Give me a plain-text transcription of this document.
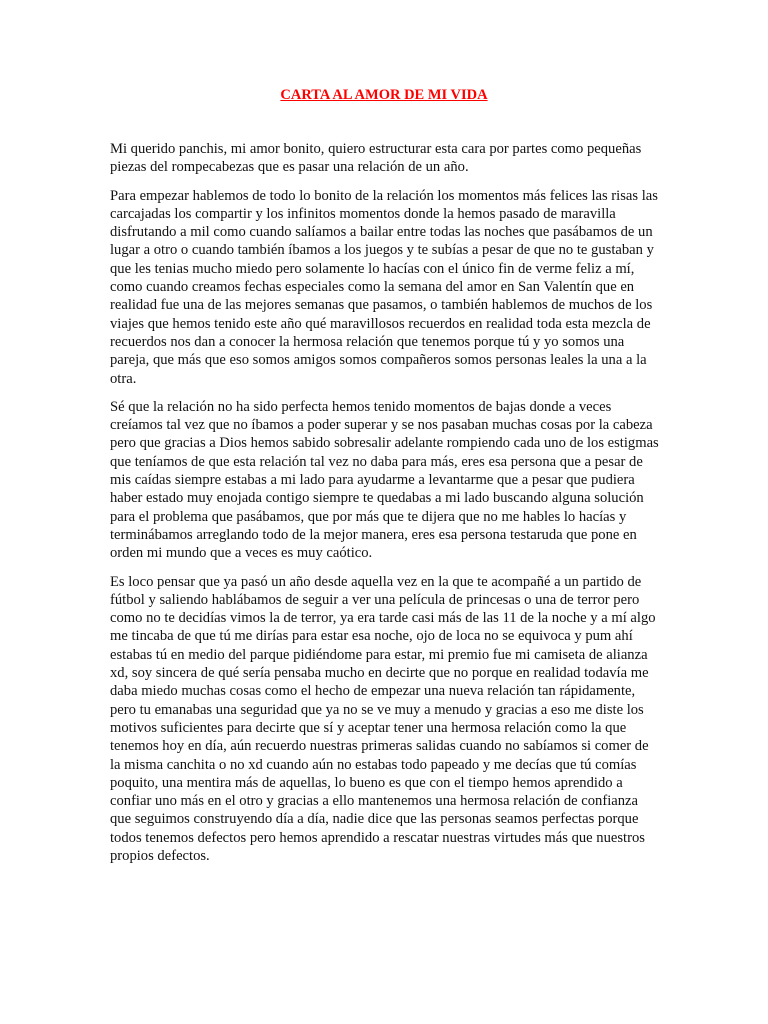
CARTA AL AMOR DE MI VIDA

Mi querido panchis, mi amor bonito, quiero estructurar esta cara por partes como pequeñas piezas del rompecabezas que es pasar una relación de un año.

Para empezar hablemos de todo lo bonito de la relación los momentos más felices las risas las carcajadas los compartir y los infinitos momentos donde la hemos pasado de maravilla disfrutando a mil como cuando salíamos a bailar entre todas las noches que pasábamos de un lugar a otro o cuando también íbamos a los juegos y te subías a pesar de que no te gustaban y que les tenias mucho miedo pero solamente lo hacías con el único fin de verme feliz a mí, como cuando creamos fechas especiales como la semana del amor en San Valentín que en realidad fue una de las mejores semanas que pasamos, o también hablemos de muchos de los viajes que hemos tenido este año qué maravillosos recuerdos en realidad toda esta mezcla de recuerdos nos dan a conocer la hermosa relación que tenemos porque tú y yo somos una pareja, que más que eso somos amigos somos compañeros somos personas leales la una a la otra.

Sé que la relación no ha sido perfecta hemos tenido momentos de bajas donde a veces creíamos tal vez que no íbamos a poder superar y se nos pasaban muchas cosas por la cabeza pero que gracias a Dios hemos sabido sobresalir adelante rompiendo cada uno de los estigmas que teníamos de que esta relación tal vez no daba para más, eres esa persona que a pesar de mis caídas siempre estabas a mi lado para ayudarme a levantarme que a pesar que pudiera haber estado muy enojada contigo siempre te quedabas a mi lado buscando alguna solución para el problema que pasábamos, que por más que te dijera que no me hables lo hacías y terminábamos arreglando todo de la mejor manera, eres esa persona testaruda que pone en orden mi mundo que a veces es muy caótico.

Es loco pensar que ya pasó un año desde aquella vez en la que te acompañé a un partido de fútbol y saliendo hablábamos de seguir a ver una película de princesas o una de terror pero como no te decidías vimos la de terror, ya era tarde casi más de las 11 de la noche y a mí algo me tincaba de que tú me dirías para estar esa noche, ojo de loca no se equivoca y pum ahí estabas tú en medio del parque pidiéndome para estar, mi premio fue mi camiseta de alianza xd, soy sincera de qué sería pensaba mucho en decirte que no porque en realidad todavía me daba miedo muchas cosas como el hecho de empezar una nueva relación tan rápidamente, pero tu emanabas una seguridad que ya no se ve muy a menudo y gracias a eso me diste los motivos suficientes para decirte que sí y aceptar tener una hermosa relación como la que tenemos hoy en día, aún recuerdo nuestras primeras salidas cuando no sabíamos si comer de la misma canchita o no xd cuando aún no estabas todo papeado y me decías que tú comías poquito, una mentira más de aquellas, lo bueno es que con el tiempo hemos aprendido a confiar uno más en el otro y gracias a ello mantenemos una hermosa relación de confianza que seguimos construyendo día a día, nadie dice que las personas seamos perfectas porque todos tenemos defectos pero hemos aprendido a rescatar nuestras virtudes más que nuestros propios defectos.
